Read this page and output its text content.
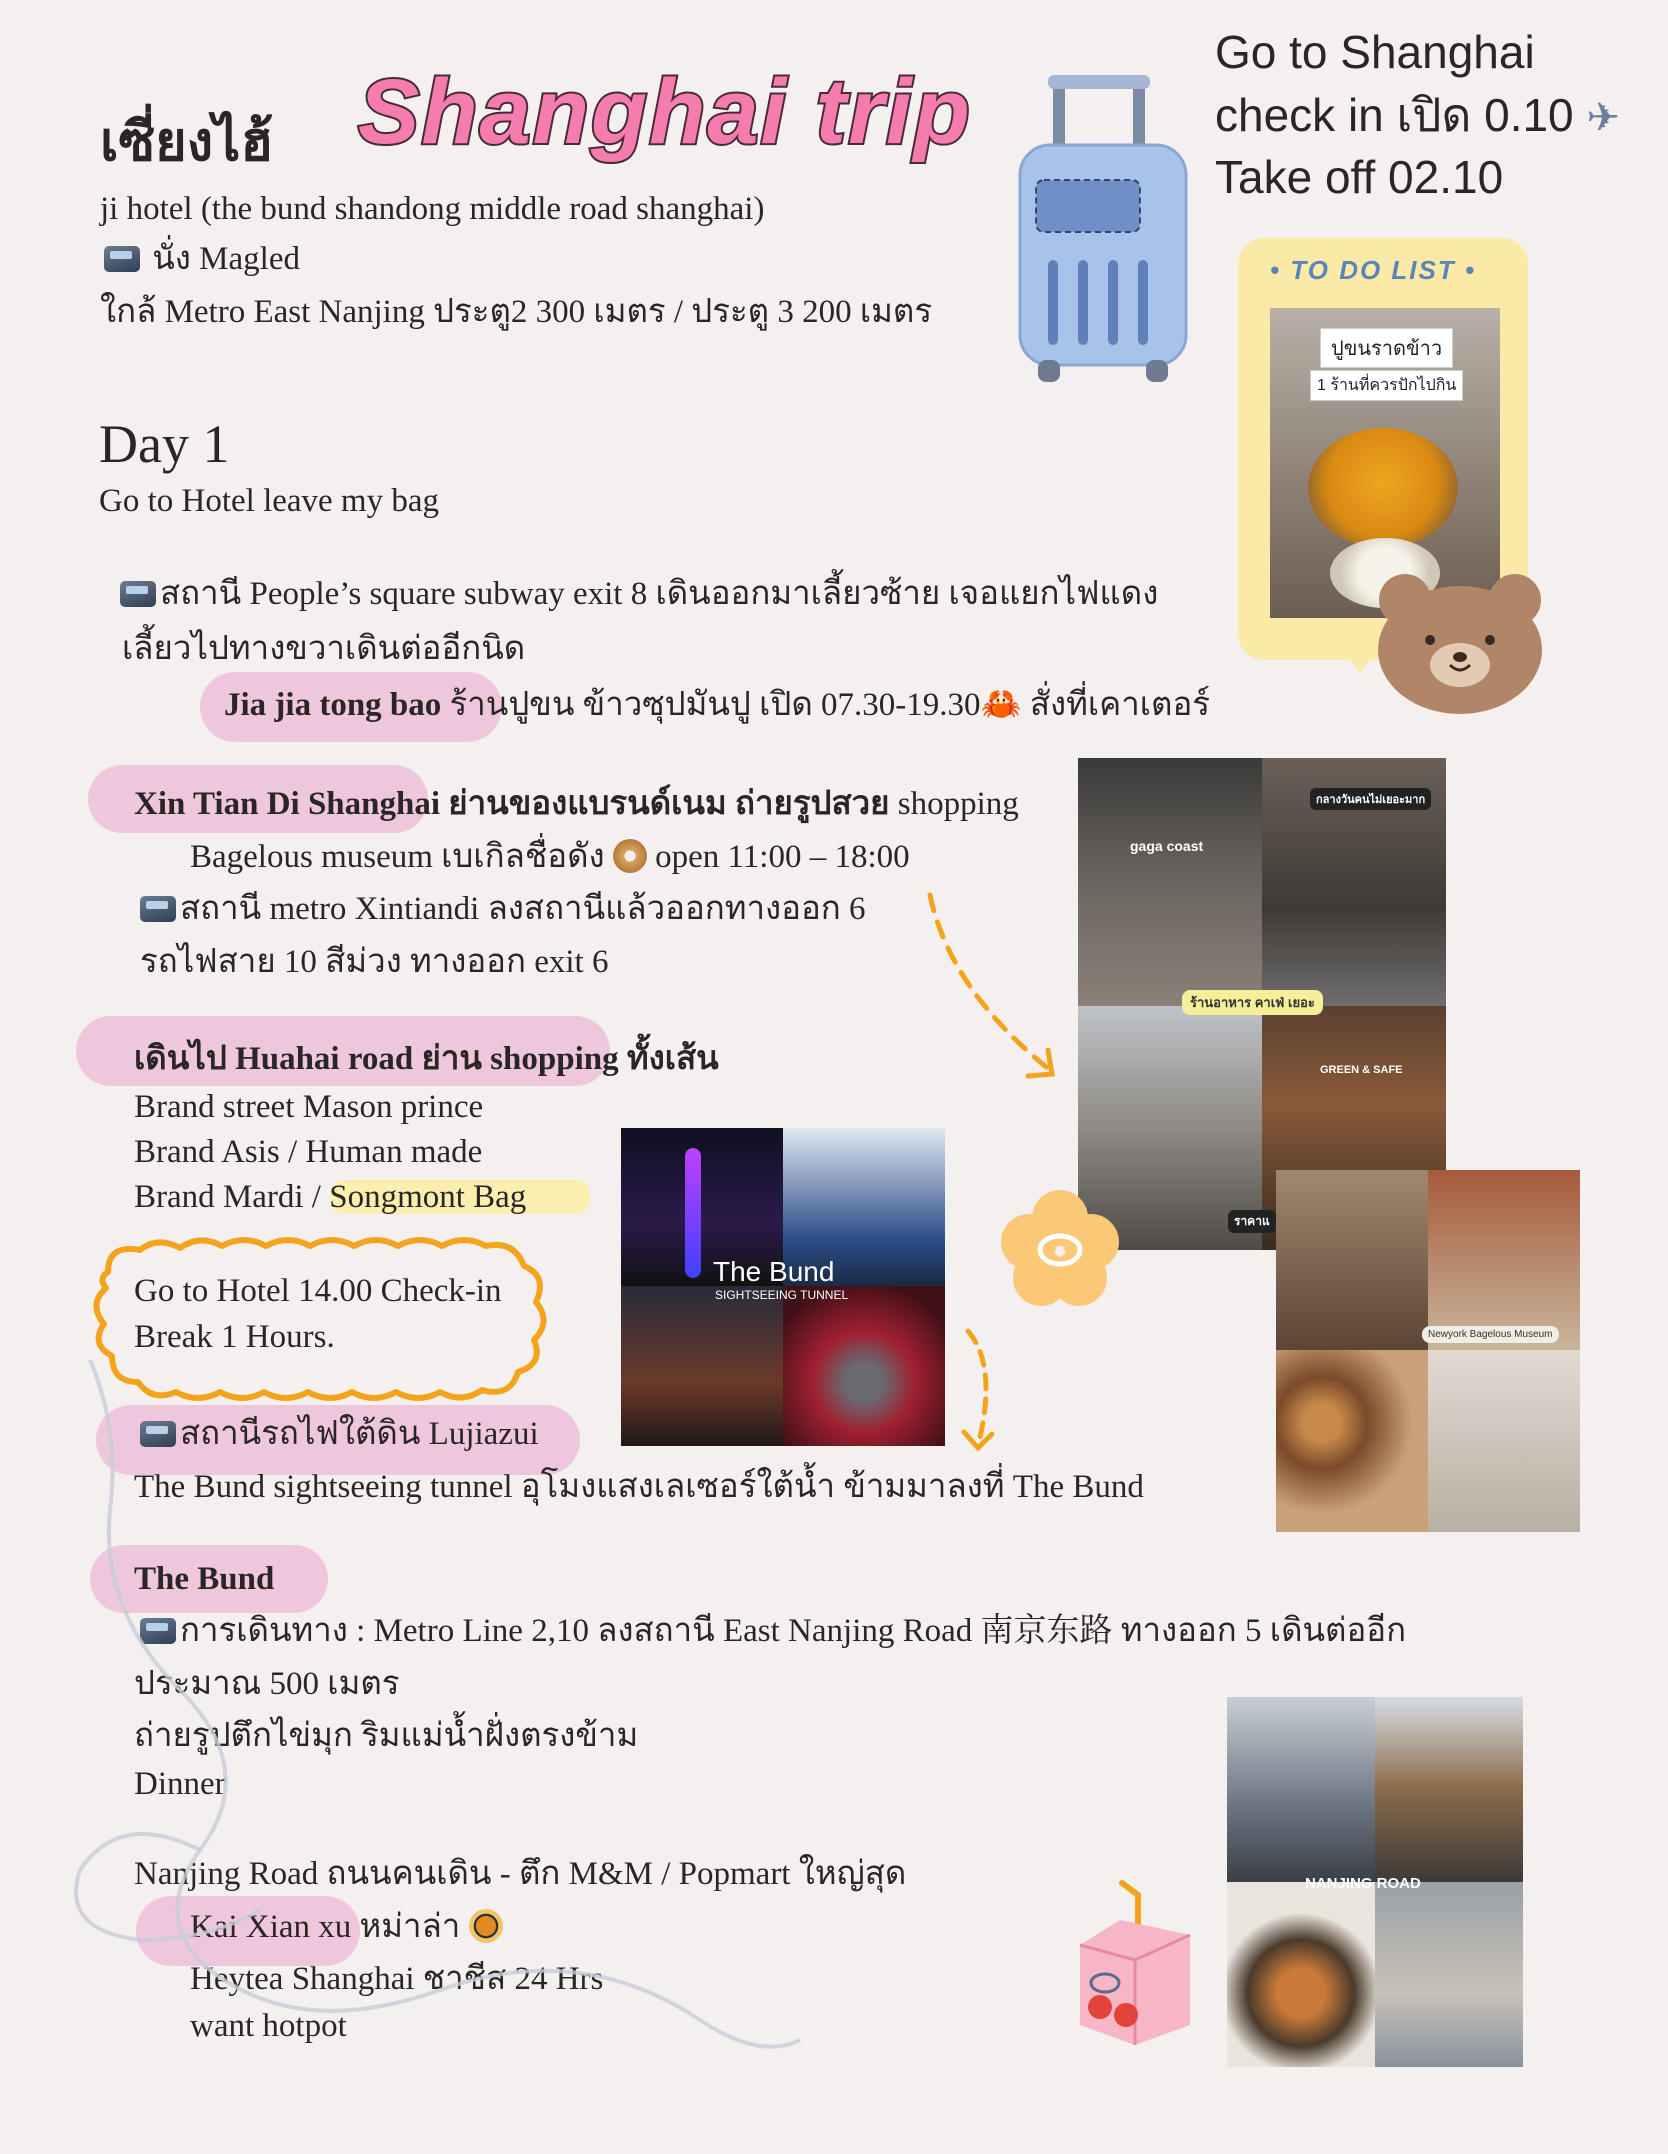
เซี่ยงไฮ้ Shanghai trip
ji hotel (the bund shandong middle road shanghai)
นั่ง Magled
ใกล้ Metro East Nanjing ประตู2 300 เมตร / ประตู 3 200 เมตร
Go to Shanghai
check in เปิด 0.10 ✈
Take off 02.10
• TO DO LIST •
ปูขนราดข้าว
1 ร้านที่ควรปักไปกิน
Day 1
Go to Hotel leave my bag
สถานี People’s square subway exit 8 เดินออกมาเลี้ยวซ้าย เจอแยกไฟแดง
เลี้ยวไปทางขวาเดินต่ออีกนิด
Jia jia tong bao ร้านปูขน ข้าวซุปมันปู เปิด 07.30-19.30🦀 สั่งที่เคาเตอร์
Xin Tian Di Shanghai ย่านของแบรนด์เนม ถ่ายรูปสวย shopping
Bagelous museum เบเกิลชื่อดัง open 11:00 – 18:00
สถานี metro Xintiandi ลงสถานีแล้วออกทางออก 6
รถไฟสาย 10 สีม่วง ทางออก exit 6
เดินไป Huahai road ย่าน shopping ทั้งเส้น
Brand street Mason prince
Brand Asis / Human made
Brand Mardi / Songmont Bag
Go to Hotel 14.00 Check-in
Break 1 Hours.
สถานีรถไฟใต้ดิน Lujiazui
The Bund sightseeing tunnel อุโมงแสงเลเซอร์ใต้น้ำ ข้ามมาลงที่ The Bund
The Bund
การเดินทาง : Metro Line 2,10 ลงสถานี East Nanjing Road 南京东路 ทางออก 5 เดินต่ออีก
ประมาณ 500 เมตร
ถ่ายรูปตึกไข่มุก ริมแม่น้ำฝั่งตรงข้าม
Dinner
Nanjing Road ถนนคนเดิน - ตึก M&M / Popmart ใหญ่สุด
Kai Xian xu หม่าล่า
Heytea Shanghai ชาชีส 24 Hrs
want hotpot
gaga coast
กลางวันคนไม่เยอะมาก
ร้านอาหาร คาเฟ่ เยอะ
GREEN & SAFE
ราคาแ
Newyork Bagelous Museum
The Bund
SIGHTSEEING TUNNEL
NANJING ROAD
